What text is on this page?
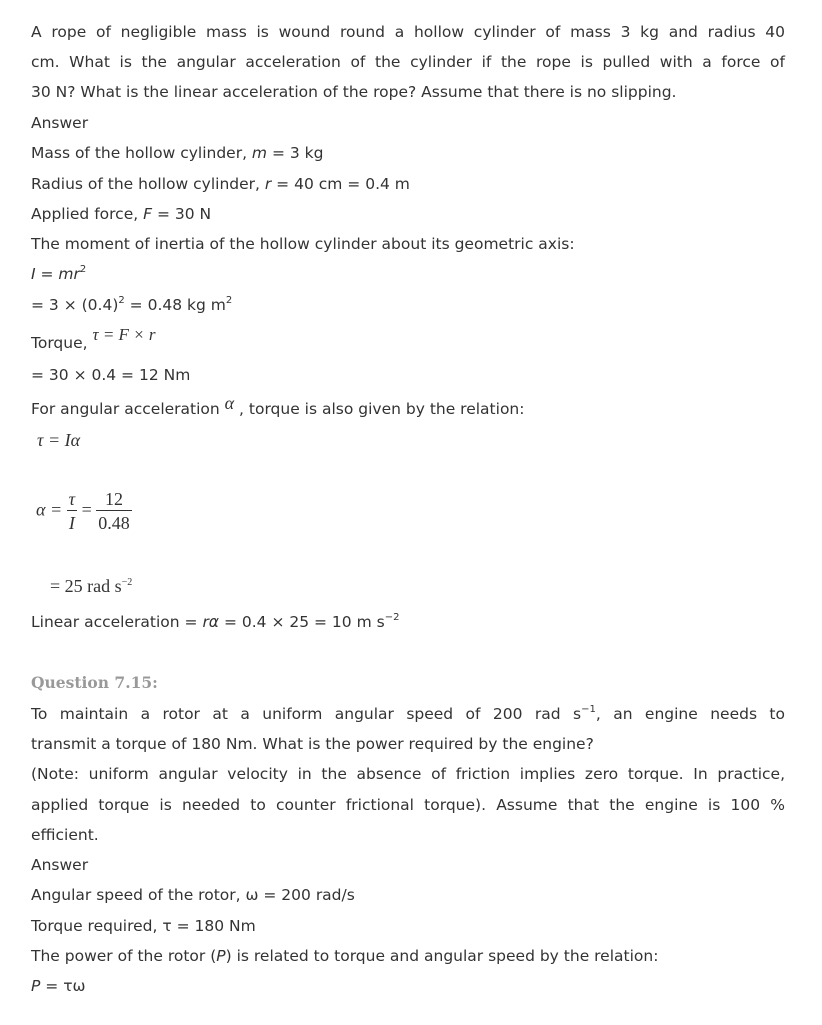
A rope of negligible mass is wound round a hollow cylinder of mass 3 kg and radius 40
cm. What is the angular acceleration of the cylinder if the rope is pulled with a force of
30 N? What is the linear acceleration of the rope? Assume that there is no slipping.
Answer
Mass of the hollow cylinder, m = 3 kg
Radius of the hollow cylinder, r = 40 cm = 0.4 m
Applied force, F = 30 N
The moment of inertia of the hollow cylinder about its geometric axis:
$I = mr^2$
= $3 \times (0.4)^2 = 0.48$ kg $m^2$
Torque, τ = F × r
= 30 × 0.4 = 12 Nm
For angular acceleration α , torque is also given by the relation:
τ = Iα
$\alpha = \frac{\tau}{I} = \frac{12}{0.48}$
= 25 rad $s^{-2}$
Linear acceleration = rα = 0.4 × 25 = 10 m $s^{-2}$
Question 7.15:
To maintain a rotor at a uniform angular speed of 200 rad $s^{-1}$, an engine needs to
transmit a torque of 180 Nm. What is the power required by the engine?
(Note: uniform angular velocity in the absence of friction implies zero torque. In practice,
applied torque is needed to counter frictional torque). Assume that the engine is 100 %
efficient.
Answer
Angular speed of the rotor, ω = 200 rad/s
Torque required, τ = 180 Nm
The power of the rotor (P) is related to torque and angular speed by the relation:
P = τω
